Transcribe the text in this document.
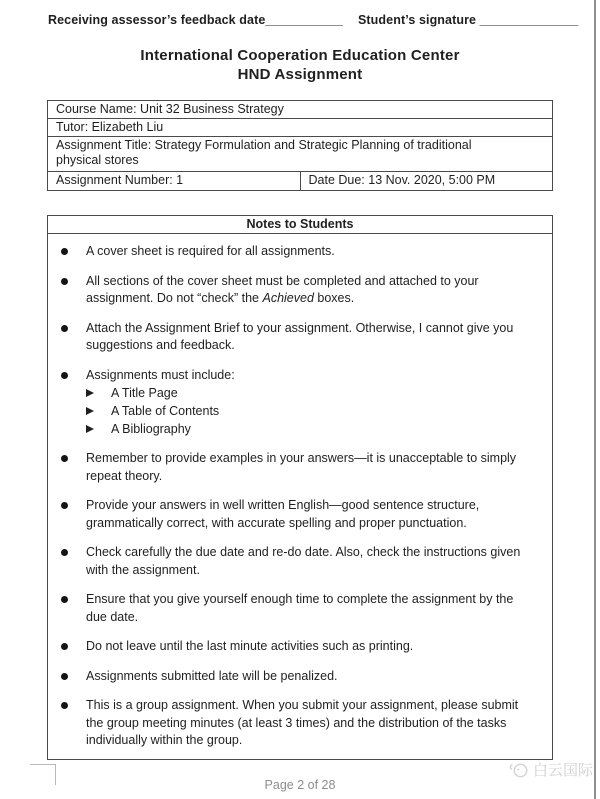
Receiving assessor’s feedback date___________ Student’s signature ______________
International Cooperation Education Center
HND Assignment
Course Name: Unit 32 Business Strategy

Tutor: Elizabeth Liu

Assignment Title: Strategy Formulation and Strategic Planning of traditional physical stores

Assignment Number: 1	Date Due: 13 Nov. 2020, 5:00 PM
Notes to Students
A cover sheet is required for all assignments.
All sections of the cover sheet must be completed and attached to your assignment. Do not “check” the Achieved boxes.
Attach the Assignment Brief to your assignment. Otherwise, I cannot give you suggestions and feedback.
Assignments must include:
A Title Page
A Table of Contents
A Bibliography
Remember to provide examples in your answers—it is unacceptable to simply repeat theory.
Provide your answers in well written English—good sentence structure, grammatically correct, with accurate spelling and proper punctuation.
Check carefully the due date and re-do date. Also, check the instructions given with the assignment.
Ensure that you give yourself enough time to complete the assignment by the due date.
Do not leave until the last minute activities such as printing.
Assignments submitted late will be penalized.
This is a group assignment. When you submit your assignment, please submit the group meeting minutes (at least 3 times) and the distribution of the tasks individually within the group.
Page 2 of 28
白云国际
